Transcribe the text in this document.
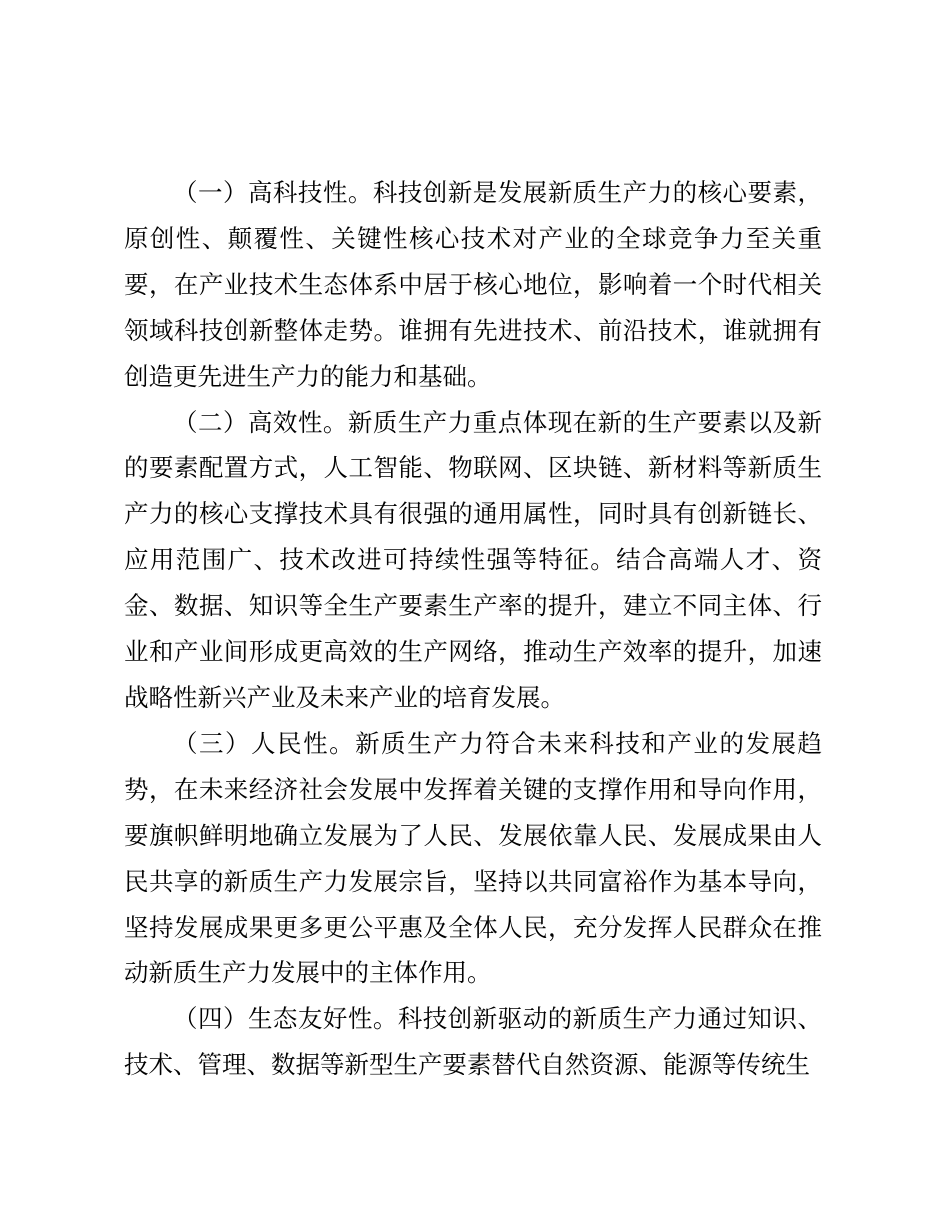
（一）高科技性。科技创新是发展新质生产力的核心要素，原创性、颠覆性、关键性核心技术对产业的全球竞争力至关重要，在产业技术生态体系中居于核心地位，影响着一个时代相关领域科技创新整体走势。谁拥有先进技术、前沿技术，谁就拥有创造更先进生产力的能力和基础。

（二）高效性。新质生产力重点体现在新的生产要素以及新的要素配置方式，人工智能、物联网、区块链、新材料等新质生产力的核心支撑技术具有很强的通用属性，同时具有创新链长、应用范围广、技术改进可持续性强等特征。结合高端人才、资金、数据、知识等全生产要素生产率的提升，建立不同主体、行业和产业间形成更高效的生产网络，推动生产效率的提升，加速战略性新兴产业及未来产业的培育发展。

（三）人民性。新质生产力符合未来科技和产业的发展趋势，在未来经济社会发展中发挥着关键的支撑作用和导向作用，要旗帜鲜明地确立发展为了人民、发展依靠人民、发展成果由人民共享的新质生产力发展宗旨，坚持以共同富裕作为基本导向，坚持发展成果更多更公平惠及全体人民，充分发挥人民群众在推动新质生产力发展中的主体作用。

（四）生态友好性。科技创新驱动的新质生产力通过知识、技术、管理、数据等新型生产要素替代自然资源、能源等传统生
